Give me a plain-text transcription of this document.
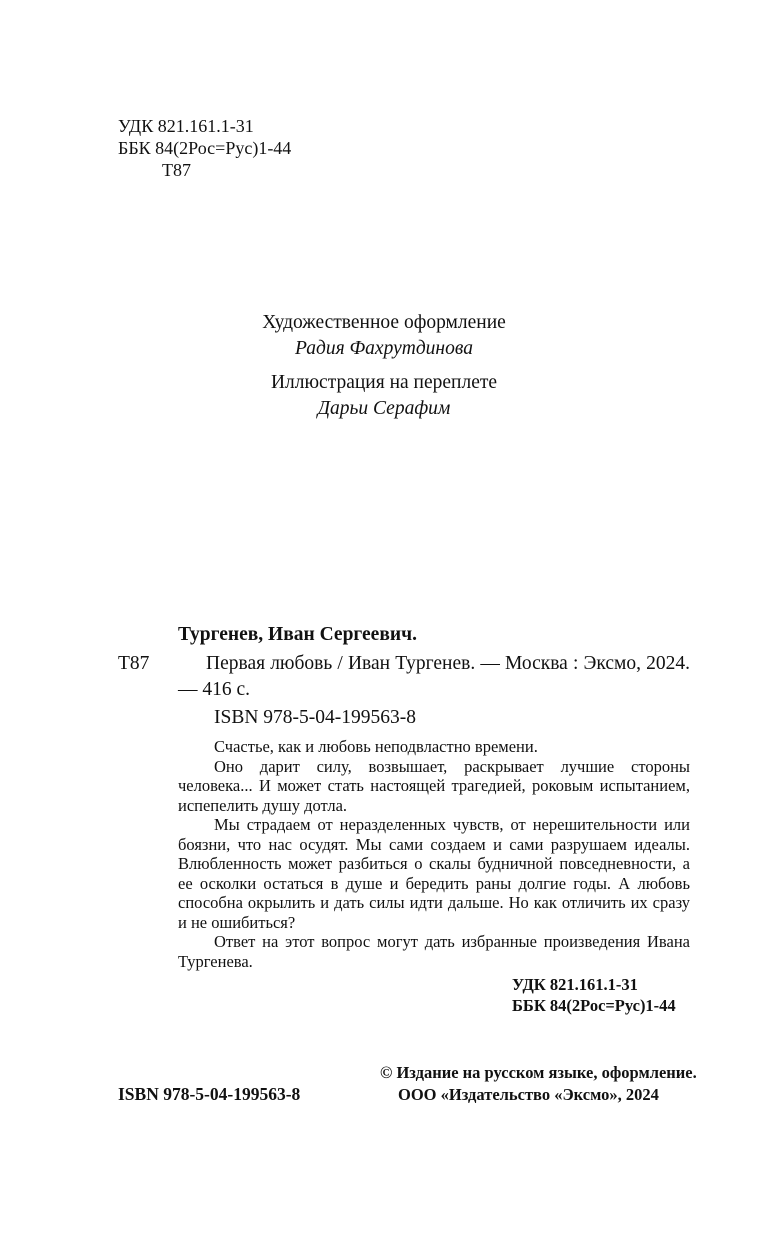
УДК 821.161.1-31
ББК 84(2Рос=Рус)1-44
Т87
Художественное оформление
Радия Фахрутдинова
Иллюстрация на переплете
Дарьи Серафим
Тургенев, Иван Сергеевич.
Т87	Первая любовь / Иван Тургенев. — Москва : Эксмо, 2024. — 416 с.
ISBN 978-5-04-199563-8

Счастье, как и любовь неподвластно времени.

Оно дарит силу, возвышает, раскрывает лучшие стороны человека... И может стать настоящей трагедией, роковым испытанием, испепелить душу дотла.

Мы страдаем от неразделенных чувств, от нерешительности или боязни, что нас осудят. Мы сами создаем и сами разрушаем идеалы. Влюбленность может разбиться о скалы будничной повседневности, а ее осколки остаться в душе и бередить раны долгие годы. А любовь способна окрылить и дать силы идти дальше. Но как отличить их сразу и не ошибиться?

Ответ на этот вопрос могут дать избранные произведения Ивана Тургенева.

УДК 821.161.1-31
ББК 84(2Рос=Рус)1-44
© Издание на русском языке, оформление.
ISBN 978-5-04-199563-8	ООО «Издательство «Эксмо», 2024
